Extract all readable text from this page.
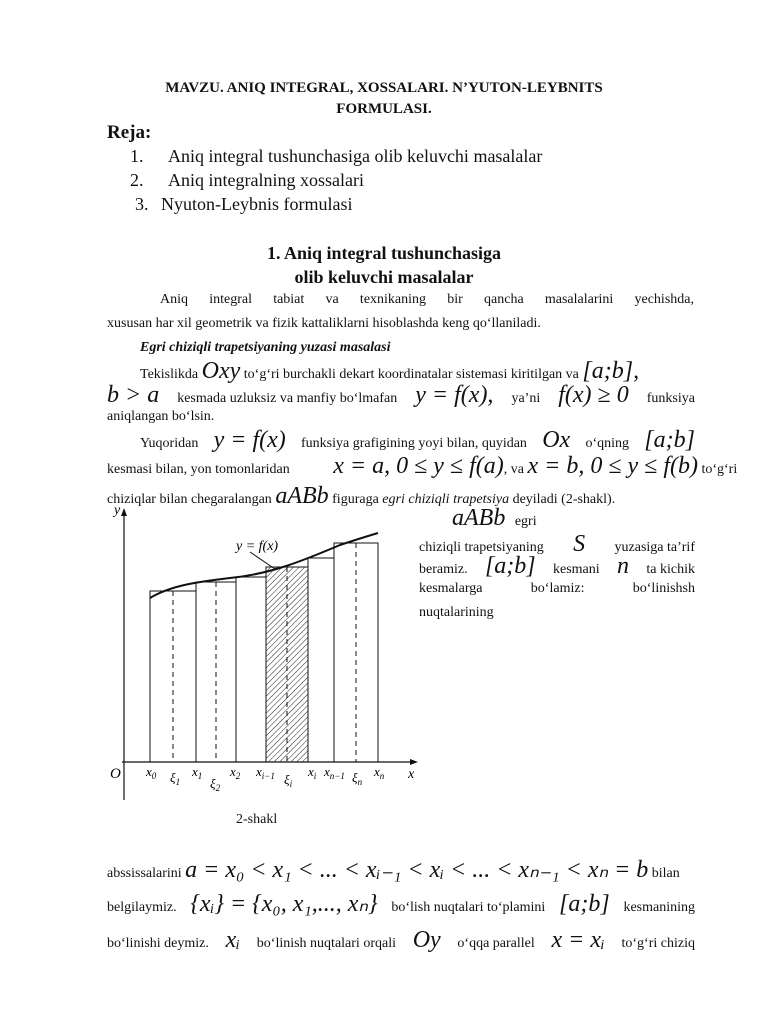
MAVZU. ANIQ INTEGRAL, XOSSALARI. N’YUTON-LEYBNITS
FORMULASI.
Reja:
1. Aniq integral tushunchasiga olib keluvchi masalalar
2. Aniq integralning xossalari
3. Nyuton-Leybnis formulasi
1. Aniq integral tushunchasiga
olib keluvchi masalalar
Aniq integral tabiat va texnikaning bir qancha masalalarini yechishda,
xususan har xil geometrik va fizik kattaliklarni hisoblashda keng qo‘llaniladi.
Egri chiziqli trapetsiyaning yuzasi masalasi
Tekislikda Oxy to‘g‘ri burchakli dekart koordinatalar sistemasi kiritilgan va [a;b],
b > a kesmada uzluksiz va manfiy bo‘lmafan y = f(x), ya’ni f(x) ≥ 0 funksiya
aniqlangan bo‘lsin.
Yuqoridan y = f(x) funksiya grafigining yoyi bilan, quyidan Ox o‘qning [a;b]
kesmasi bilan, yon tomonlaridan x = a, 0 ≤ y ≤ f(a), va x = b, 0 ≤ y ≤ f(b) to‘g‘ri
chiziqlar bilan chegaralangan aABb figuraga egri chiziqli trapetsiya deyiladi (2-shakl).
aABb egri
chiziqli trapetsiyaning S yuzasiga ta’rif
beramiz. [a;b] kesmani n ta kichik
kesmalarga bo‘lamiz: bo‘linishsh
nuqtalarining
y = f(x)
y
x
O $x_0$ $\xi_1$
$x_1$ $\xi_2$
$x_2$ $x_{i-1}$ $\xi_i$
$x_i$ $x_{n-1}$ $\xi_n$
$x_n$
2-shakl
abssissalarini a = x₀ < x₁ < ... < xᵢ₋₁ < xᵢ < ... < xₙ₋₁ < xₙ = b bilan
belgilaymiz. {xᵢ} = {x₀, x₁,..., xₙ} bo‘lish nuqtalari to‘plamini [a;b] kesmanining
bo‘linishi deymiz. xᵢ bo‘linish nuqtalari orqali Oy o‘qqa parallel x = xᵢ to‘g‘ri chiziq
